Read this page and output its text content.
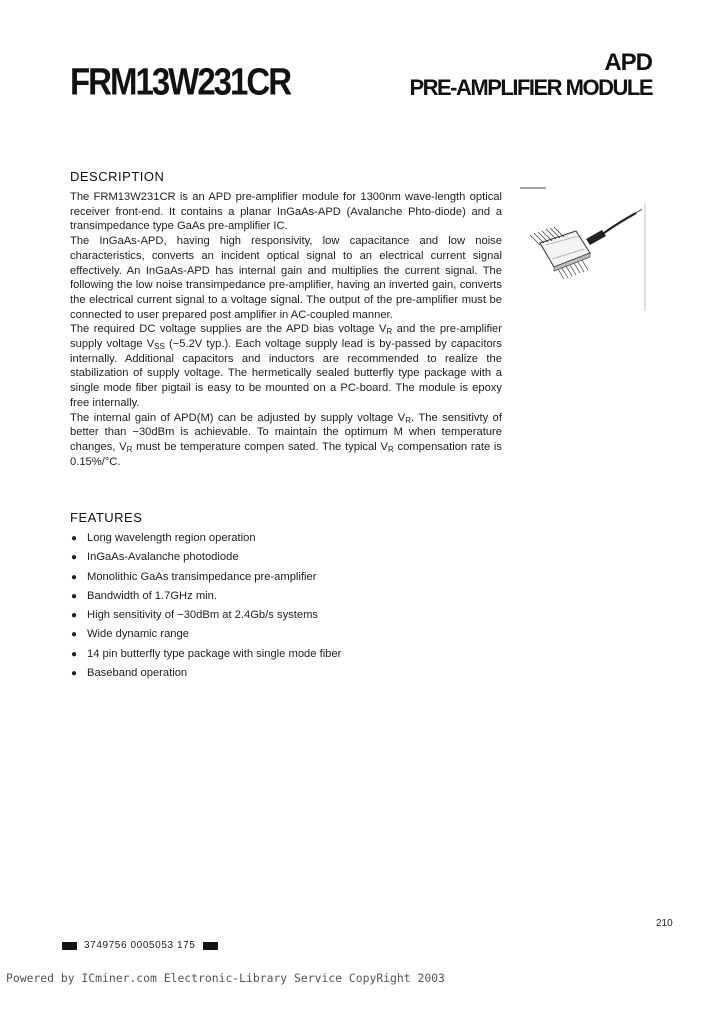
FRM13W231CR	APD
PRE-AMPLIFIER MODULE
DESCRIPTION

The FRM13W231CR is an APD pre-amplifier module for 1300nm wave-length optical receiver front-end. It contains a planar InGaAs-APD (Avalanche Phto-diode) and a transimpedance type GaAs pre-amplifier IC.

The InGaAs-APD, having high responsivity, low capacitance and low noise characteristics, converts an incident optical signal to an electrical current signal effectively. An InGaAs-APD has internal gain and multiplies the current signal. The following the low noise transimpedance pre-amplifier, having an inverted gain, converts the electrical current signal to a voltage signal. The output of the pre-amplifier must be connected to user prepared post amplifier in AC-coupled manner.

The required DC voltage supplies are the APD bias voltage $V_R$ and the pre-amplifier supply voltage $V_{SS}$ (−5.2V typ.). Each voltage supply lead is by-passed by capacitors internally. Additional capacitors and inductors are recommended to realize the stabilization of supply voltage. The hermetically sealed butterfly type package with a single mode fiber pigtail is easy to be mounted on a PC-board. The module is epoxy free internally.

The internal gain of APD(M) can be adjusted by supply voltage $V_R$. The sensitivty of better than −30dBm is achievable. To maintain the optimum M when temperature changes, $V_R$ must be temperature compen sated. The typical $V_R$ compensation rate is 0.15%/°C.

FEATURES
● Long wavelength region operation
● InGaAs-Avalanche photodiode
● Monolithic GaAs transimpedance pre-amplifier
● Bandwidth of 1.7GHz min.
● High sensitivity of −30dBm at 2.4Gb/s systems
● Wide dynamic range
● 14 pin butterfly type package with single mode fiber
● Baseband operation
210
3749756 0005053 175
Powered by ICminer.com Electronic-Library Service CopyRight 2003
